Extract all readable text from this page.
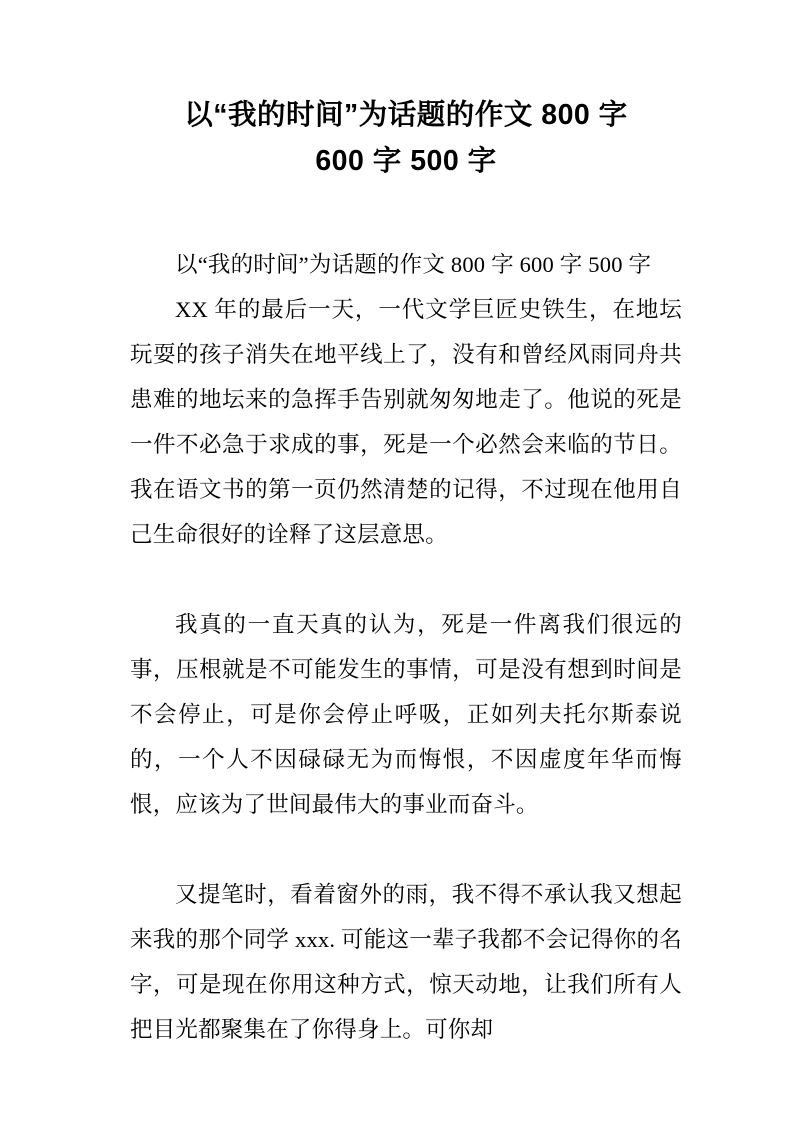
以“我的时间”为话题的作文 800 字
600 字 500 字

以“我的时间”为话题的作文 800 字 600 字 500 字

XX 年的最后一天，一代文学巨匠史铁生，在地坛玩耍的孩子消失在地平线上了，没有和曾经风雨同舟共患难的地坛来的急挥手告别就匆匆地走了。他说的死是一件不必急于求成的事，死是一个必然会来临的节日。我在语文书的第一页仍然清楚的记得，不过现在他用自己生命很好的诠释了这层意思。

我真的一直天真的认为，死是一件离我们很远的事，压根就是不可能发生的事情，可是没有想到时间是不会停止，可是你会停止呼吸，正如列夫托尔斯泰说的，一个人不因碌碌无为而悔恨，不因虚度年华而悔恨，应该为了世间最伟大的事业而奋斗。

又提笔时，看着窗外的雨，我不得不承认我又想起来我的那个同学 xxx. 可能这一辈子我都不会记得你的名字，可是现在你用这种方式，惊天动地，让我们所有人把目光都聚集在了你得身上。可你却
